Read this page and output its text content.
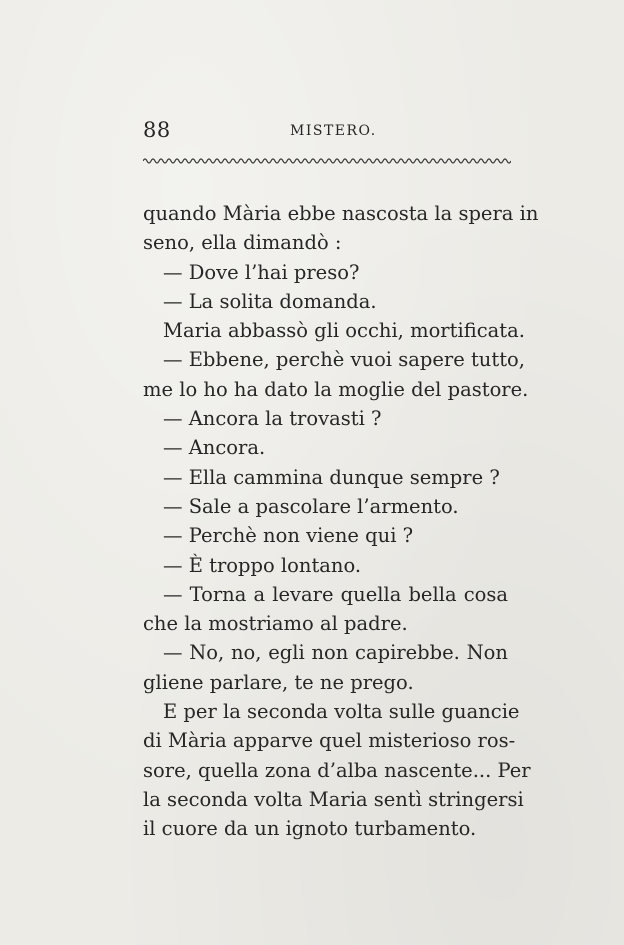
88	MISTERO.
quando Mària ebbe nascosta la spera in
seno, ella dimandò :
— Dove l’hai preso?
— La solita domanda.
Maria abbassò gli occhi, mortificata.
— Ebbene, perchè vuoi sapere tutto,
me lo ho ha dato la moglie del pastore.
— Ancora la trovasti ?
— Ancora.
— Ella cammina dunque sempre ?
— Sale a pascolare l’armento.
— Perchè non viene qui ?
— È troppo lontano.
— Torna a levare quella bella cosa
che la mostriamo al padre.
— No, no, egli non capirebbe. Non
gliene parlare, te ne prego.
E per la seconda volta sulle guancie
di Mària apparve quel misterioso ros-
sore, quella zona d’alba nascente... Per
la seconda volta Maria sentì stringersi
il cuore da un ignoto turbamento.
